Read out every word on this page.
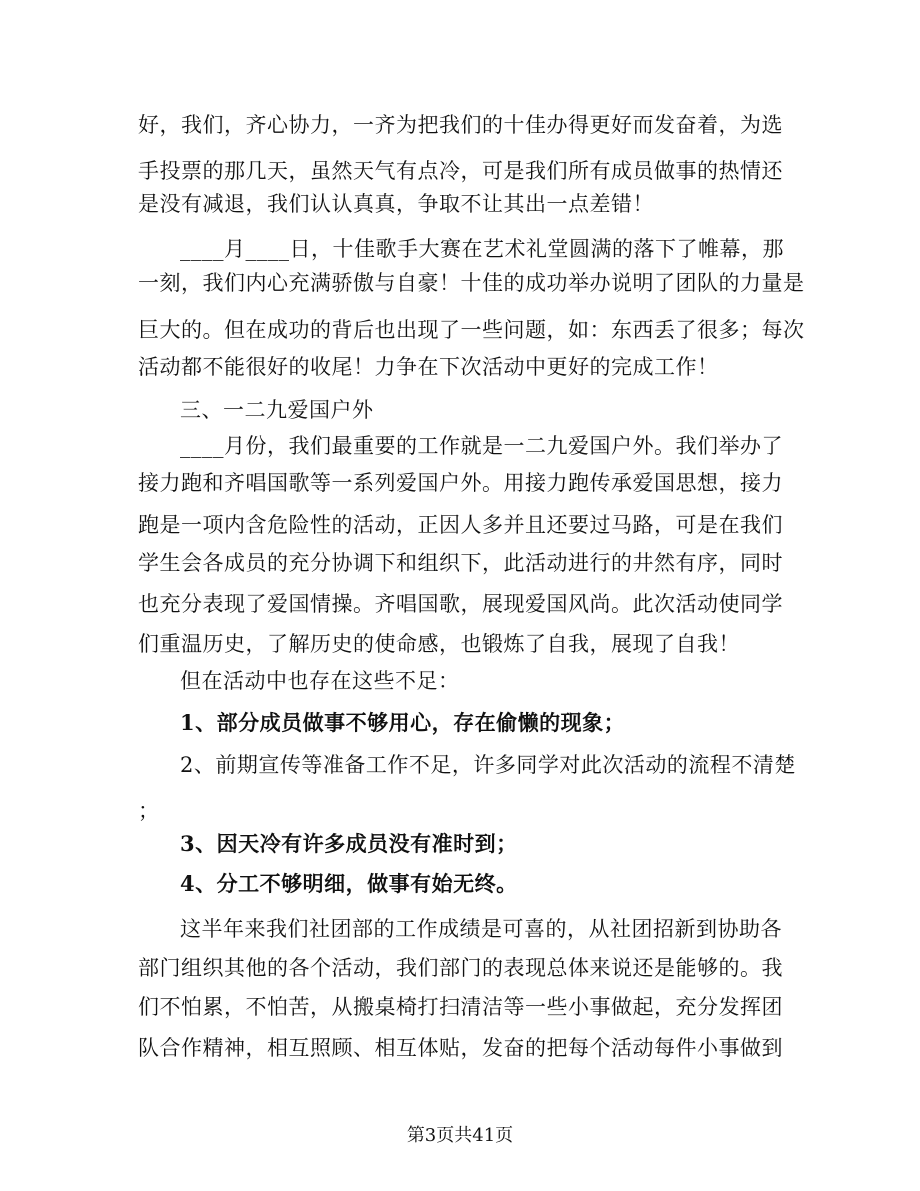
好，我们，齐心协力，一齐为把我们的十佳办得更好而发奋着，为选
手投票的那几天，虽然天气有点冷，可是我们所有成员做事的热情还
是没有减退，我们认认真真，争取不让其出一点差错！
____月____日，十佳歌手大赛在艺术礼堂圆满的落下了帷幕，那
一刻，我们内心充满骄傲与自豪！十佳的成功举办说明了团队的力量是
巨大的。但在成功的背后也出现了一些问题，如：东西丢了很多；每次
活动都不能很好的收尾！力争在下次活动中更好的完成工作！
三、一二九爱国户外
____月份，我们最重要的工作就是一二九爱国户外。我们举办了
接力跑和齐唱国歌等一系列爱国户外。用接力跑传承爱国思想，接力
跑是一项内含危险性的活动，正因人多并且还要过马路，可是在我们
学生会各成员的充分协调下和组织下，此活动进行的井然有序，同时
也充分表现了爱国情操。齐唱国歌，展现爱国风尚。此次活动使同学
们重温历史，了解历史的使命感，也锻炼了自我，展现了自我！
但在活动中也存在这些不足：
1、部分成员做事不够用心，存在偷懒的现象；
2、前期宣传等准备工作不足，许多同学对此次活动的流程不清楚
；
3、因天冷有许多成员没有准时到；
4、分工不够明细，做事有始无终。
这半年来我们社团部的工作成绩是可喜的，从社团招新到协助各
部门组织其他的各个活动，我们部门的表现总体来说还是能够的。我
们不怕累，不怕苦，从搬桌椅打扫清洁等一些小事做起，充分发挥团
队合作精神，相互照顾、相互体贴，发奋的把每个活动每件小事做到
第3页共41页
